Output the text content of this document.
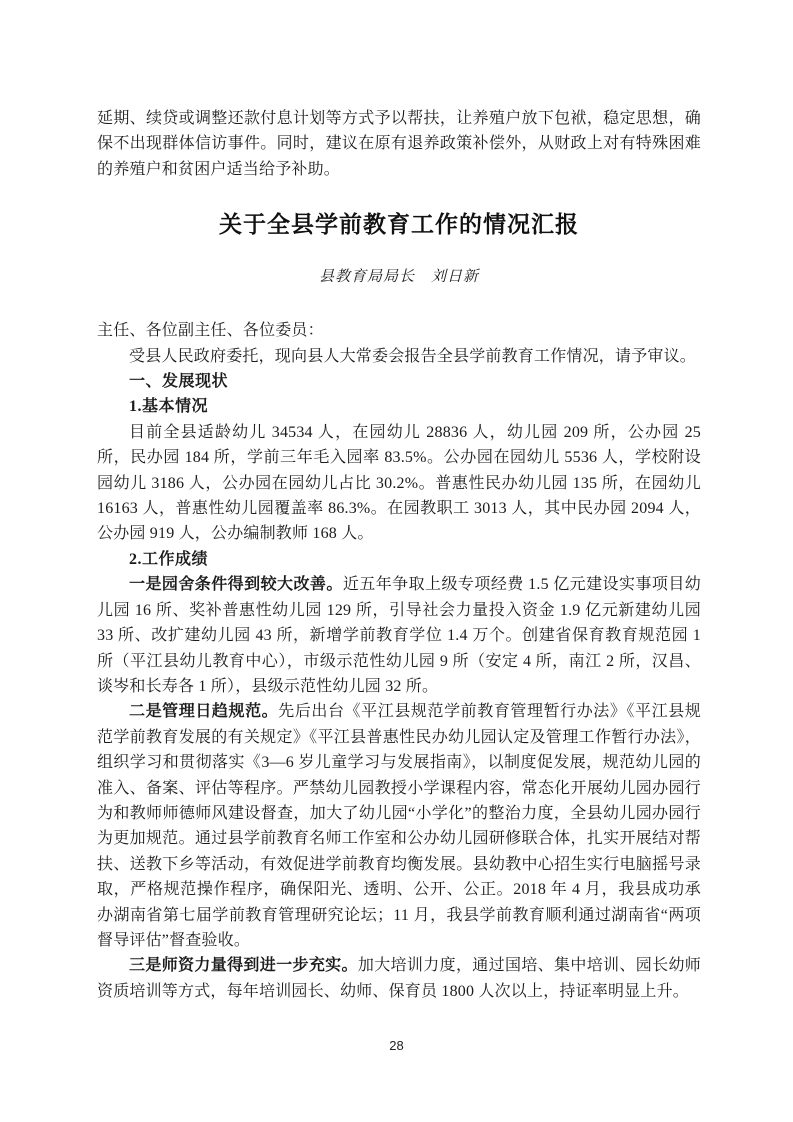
延期、续贷或调整还款付息计划等方式予以帮扶，让养殖户放下包袱，稳定思想，确保不出现群体信访事件。同时，建议在原有退养政策补偿外，从财政上对有特殊困难的养殖户和贫困户适当给予补助。

关于全县学前教育工作的情况汇报
县教育局局长　刘日新

主任、各位副主任、各位委员：

受县人民政府委托，现向县人大常委会报告全县学前教育工作情况，请予审议。

一、发展现状

1.基本情况

目前全县适龄幼儿 34534 人，在园幼儿 28836 人，幼儿园 209 所，公办园 25 所，民办园 184 所，学前三年毛入园率 83.5%。公办园在园幼儿 5536 人，学校附设园幼儿 3186 人，公办园在园幼儿占比 30.2%。普惠性民办幼儿园 135 所，在园幼儿 16163 人，普惠性幼儿园覆盖率 86.3%。在园教职工 3013 人，其中民办园 2094 人，公办园 919 人，公办编制教师 168 人。

2.工作成绩

一是园舍条件得到较大改善。近五年争取上级专项经费 1.5 亿元建设实事项目幼儿园 16 所、奖补普惠性幼儿园 129 所，引导社会力量投入资金 1.9 亿元新建幼儿园 33 所、改扩建幼儿园 43 所，新增学前教育学位 1.4 万个。创建省保育教育规范园 1 所（平江县幼儿教育中心），市级示范性幼儿园 9 所（安定 4 所，南江 2 所，汉昌、谈岑和长寿各 1 所），县级示范性幼儿园 32 所。

二是管理日趋规范。先后出台《平江县规范学前教育管理暂行办法》《平江县规范学前教育发展的有关规定》《平江县普惠性民办幼儿园认定及管理工作暂行办法》，组织学习和贯彻落实《3—6 岁儿童学习与发展指南》，以制度促发展，规范幼儿园的准入、备案、评估等程序。严禁幼儿园教授小学课程内容，常态化开展幼儿园办园行为和教师师德师风建设督查，加大了幼儿园“小学化”的整治力度，全县幼儿园办园行为更加规范。通过县学前教育名师工作室和公办幼儿园研修联合体，扎实开展结对帮扶、送教下乡等活动，有效促进学前教育均衡发展。县幼教中心招生实行电脑摇号录取，严格规范操作程序，确保阳光、透明、公开、公正。2018 年 4 月，我县成功承办湖南省第七届学前教育管理研究论坛；11 月，我县学前教育顺利通过湖南省“两项督导评估”督查验收。

三是师资力量得到进一步充实。加大培训力度，通过国培、集中培训、园长幼师资质培训等方式，每年培训园长、幼师、保育员 1800 人次以上，持证率明显上升。

28
